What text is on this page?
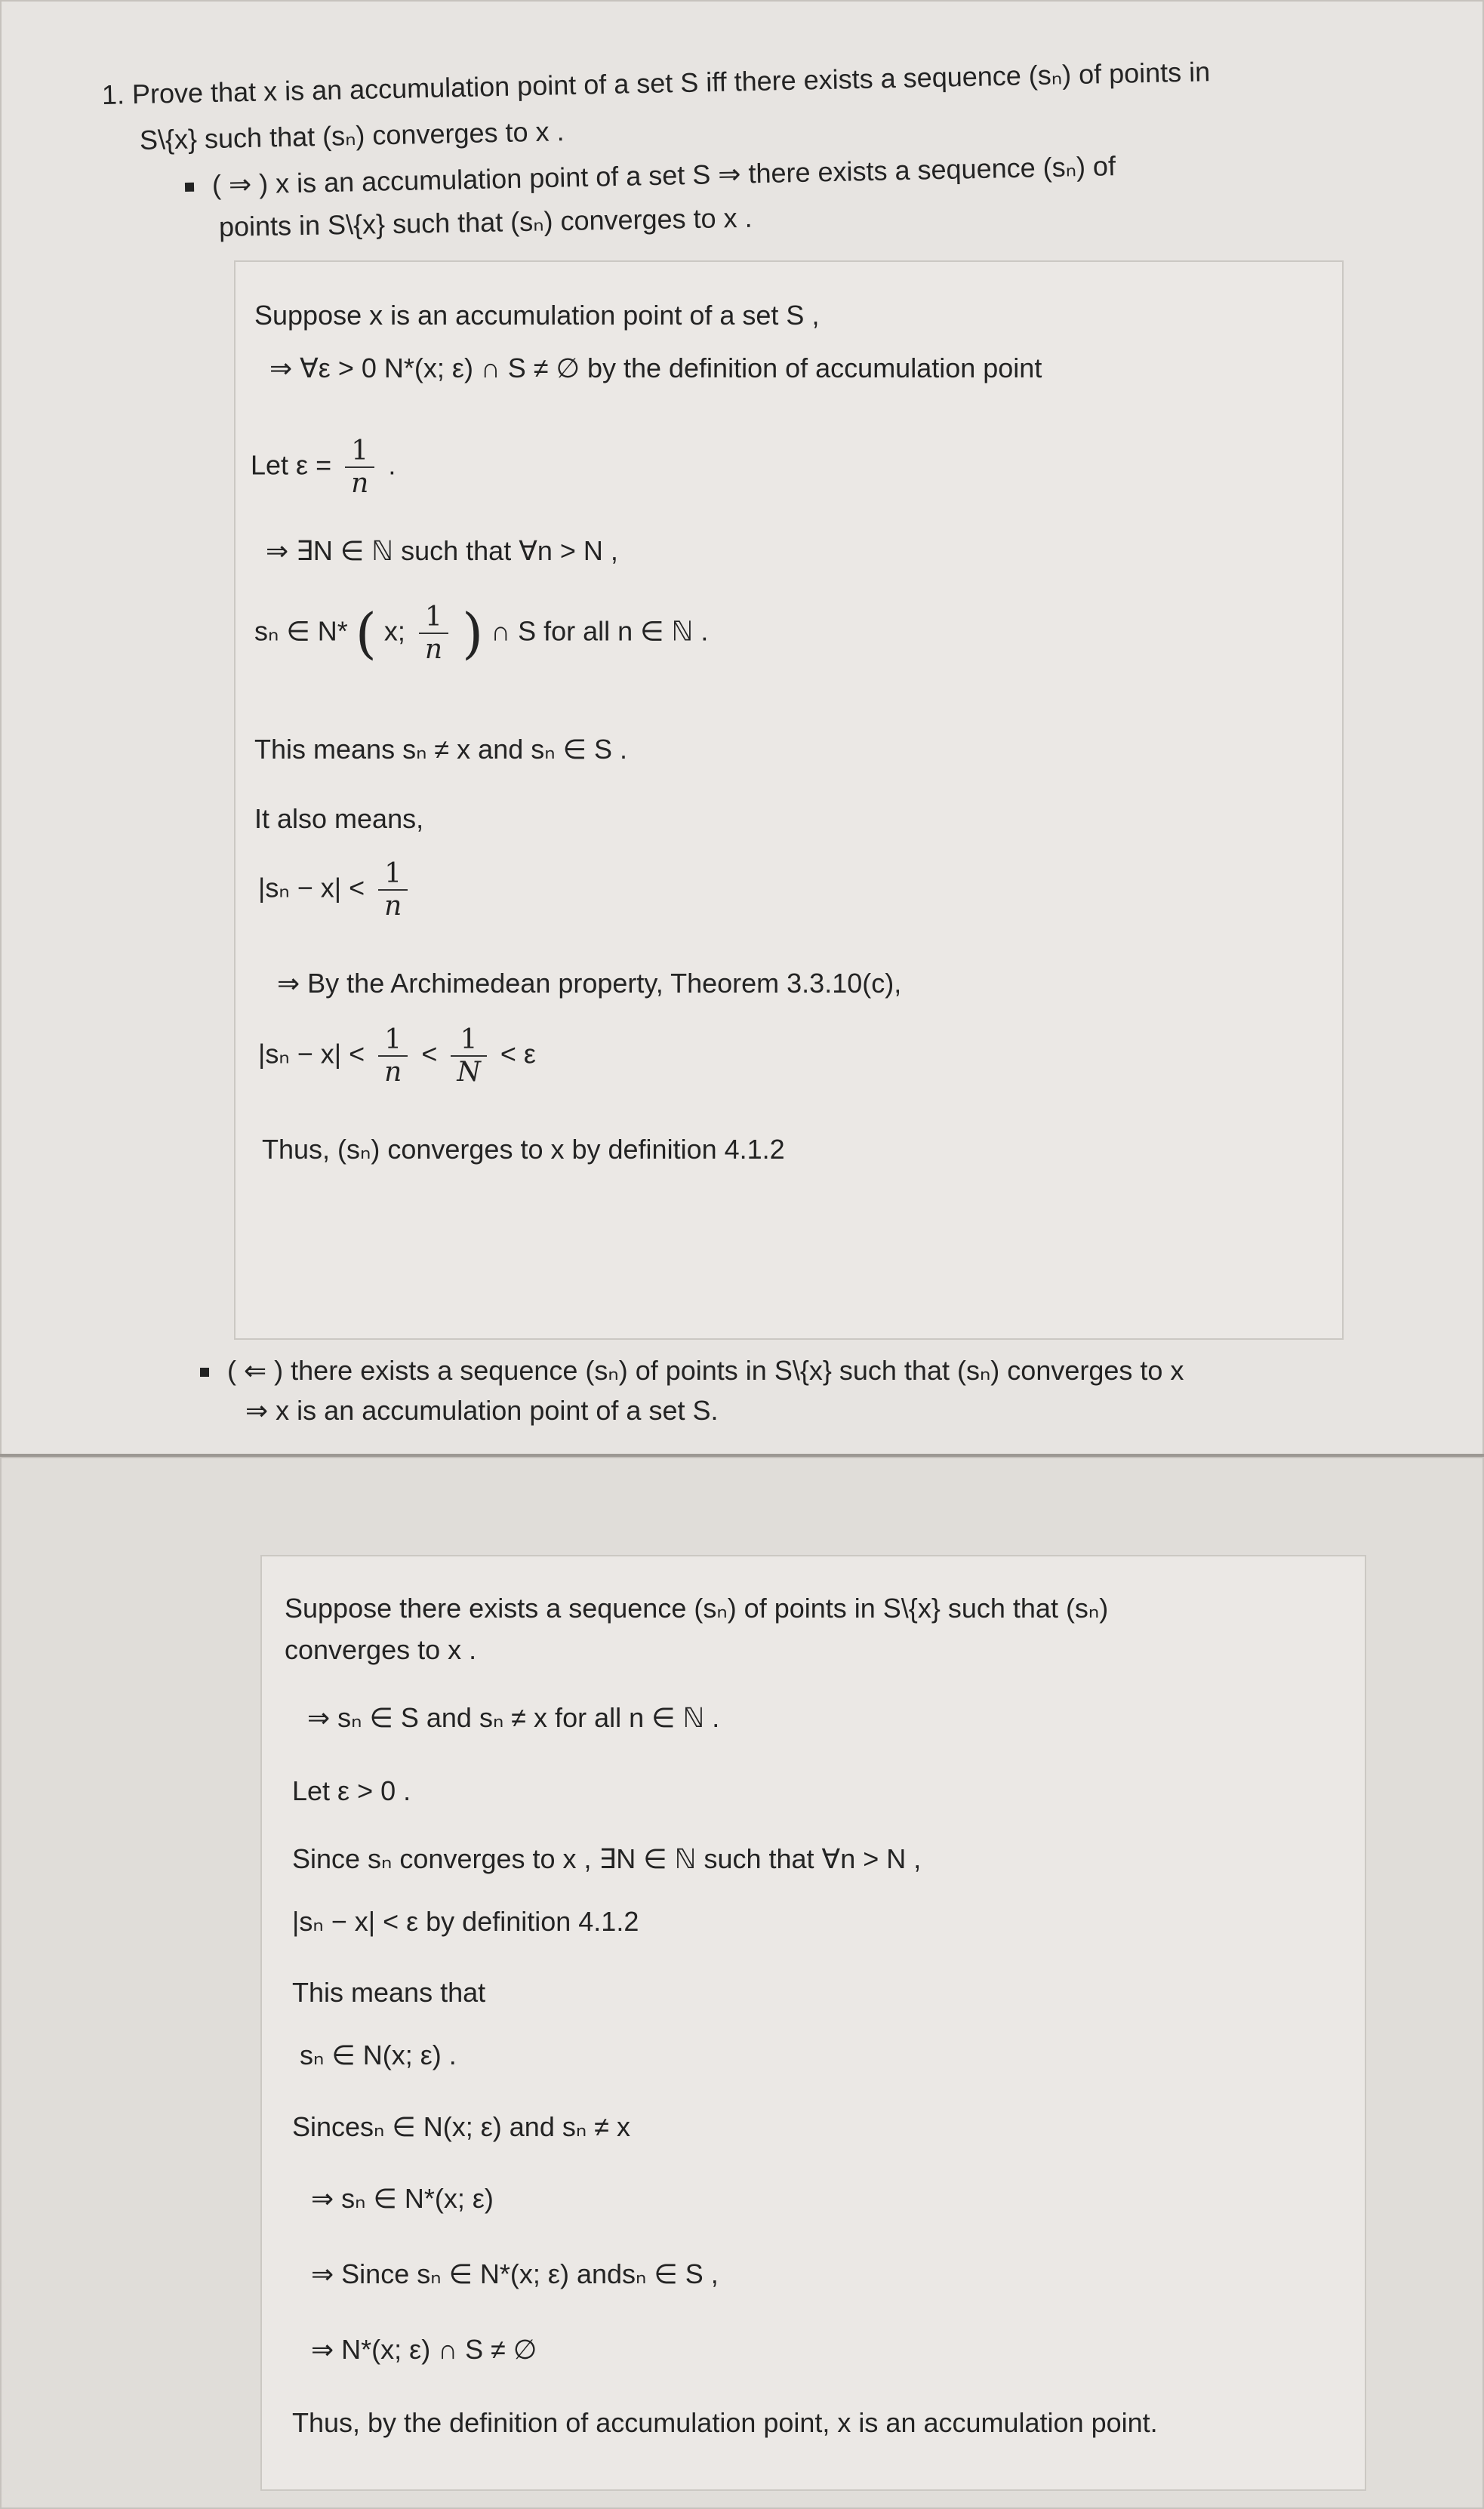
1. Prove that x is an accumulation point of a set S iff there exists a sequence (sₙ) of points in
S\{x} such that (sₙ) converges to x .
( ⇒ ) x is an accumulation point of a set S ⇒ there exists a sequence (sₙ) of
points in S\{x} such that (sₙ) converges to x .
Suppose x is an accumulation point of a set S ,
⇒ ∀ε > 0 N*(x; ε) ∩ S ≠ ∅ by the definition of accumulation point
Let $\varepsilon = \frac{1}{n}$ .
⇒ ∃N ∈ ℕ such that ∀n > N ,
sₙ ∈ N* ( x; $\frac{1}{n}$ ) ∩ S for all n ∈ ℕ .
This means sₙ ≠ x and sₙ ∈ S .
It also means,
$|s_n - x| < \frac{1}{n}$
⇒ By the Archimedean property, Theorem 3.3.10(c),
$|s_n - x| < \frac{1}{n} < \frac{1}{N} < \varepsilon$
Thus, (sₙ) converges to x by definition 4.1.2
( ⇐ ) there exists a sequence (sₙ) of points in S\{x} such that (sₙ) converges to x
⇒ x is an accumulation point of a set S.
Suppose there exists a sequence (sₙ) of points in S\{x} such that (sₙ)
converges to x .
⇒ sₙ ∈ S and sₙ ≠ x for all n ∈ ℕ .
Let ε > 0 .
Since sₙ converges to x , ∃N ∈ ℕ such that ∀n > N ,
|sₙ − x| < ε by definition 4.1.2
This means that
sₙ ∈ N(x; ε) .
Sincesₙ ∈ N(x; ε) and sₙ ≠ x
⇒ sₙ ∈ N*(x; ε)
⇒ Since sₙ ∈ N*(x; ε) andsₙ ∈ S ,
⇒ N*(x; ε) ∩ S ≠ ∅
Thus, by the definition of accumulation point, x is an accumulation point.
